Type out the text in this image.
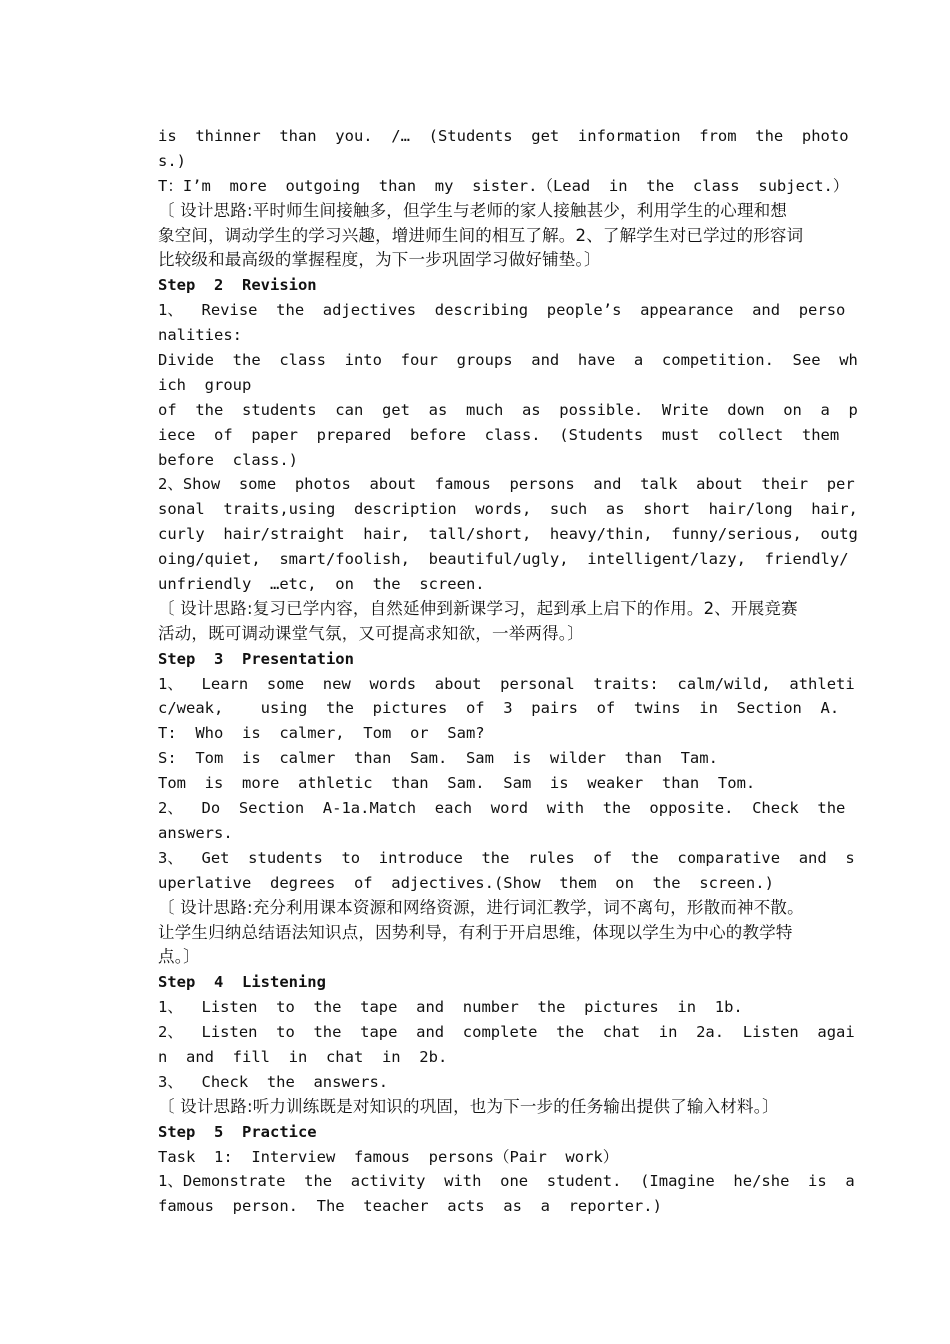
is  thinner  than  you.  /…  (Students  get  information  from  the  photo
s.)
T：I’m  more  outgoing  than  my  sister.（Lead  in  the  class  subject.）
〔 设计思路:平时师生间接触多，但学生与老师的家人接触甚少，利用学生的心理和想
象空间，调动学生的学习兴趣，增进师生间的相互了解。2、了解学生对已学过的形容词
比较级和最高级的掌握程度，为下一步巩固学习做好铺垫。〕
Step  2  Revision
1、  Revise  the  adjectives  describing  people’s  appearance  and  perso
nalities:
Divide  the  class  into  four  groups  and  have  a  competition.  See  wh
ich  group
of  the  students  can  get  as  much  as  possible.  Write  down  on  a  p
iece  of  paper  prepared  before  class.  (Students  must  collect  them
before  class.)
2、Show  some  photos  about  famous  persons  and  talk  about  their  per
sonal  traits,using  description  words,  such  as  short  hair/long  hair,
curly  hair/straight  hair,  tall/short,  heavy/thin,  funny/serious,  outg
oing/quiet,  smart/foolish,  beautiful/ugly,  intelligent/lazy,  friendly/
unfriendly  …etc,  on  the  screen.
〔 设计思路:复习已学内容，自然延伸到新课学习，起到承上启下的作用。2、开展竞赛
活动，既可调动课堂气氛，又可提高求知欲，一举两得。〕
Step  3  Presentation
1、  Learn  some  new  words  about  personal  traits:  calm/wild,  athleti
c/weak,    using  the  pictures  of  3  pairs  of  twins  in  Section  A.
T:  Who  is  calmer,  Tom  or  Sam?
S:  Tom  is  calmer  than  Sam.  Sam  is  wilder  than  Tam.
Tom  is  more  athletic  than  Sam.  Sam  is  weaker  than  Tom.
2、  Do  Section  A-1a.Match  each  word  with  the  opposite.  Check  the
answers.
3、  Get  students  to  introduce  the  rules  of  the  comparative  and  s
uperlative  degrees  of  adjectives.(Show  them  on  the  screen.)
〔 设计思路:充分利用课本资源和网络资源，进行词汇教学，词不离句，形散而神不散。
让学生归纳总结语法知识点，因势利导，有利于开启思维，体现以学生为中心的教学特
点。〕
Step  4  Listening
1、  Listen  to  the  tape  and  number  the  pictures  in  1b.
2、  Listen  to  the  tape  and  complete  the  chat  in  2a.  Listen  agai
n  and  fill  in  chat  in  2b.
3、  Check  the  answers.
〔 设计思路:听力训练既是对知识的巩固，也为下一步的任务输出提供了输入材料。〕
Step  5  Practice
Task  1:  Interview  famous  persons（Pair  work）
1、Demonstrate  the  activity  with  one  student.  (Imagine  he/she  is  a
famous  person.  The  teacher  acts  as  a  reporter.)
